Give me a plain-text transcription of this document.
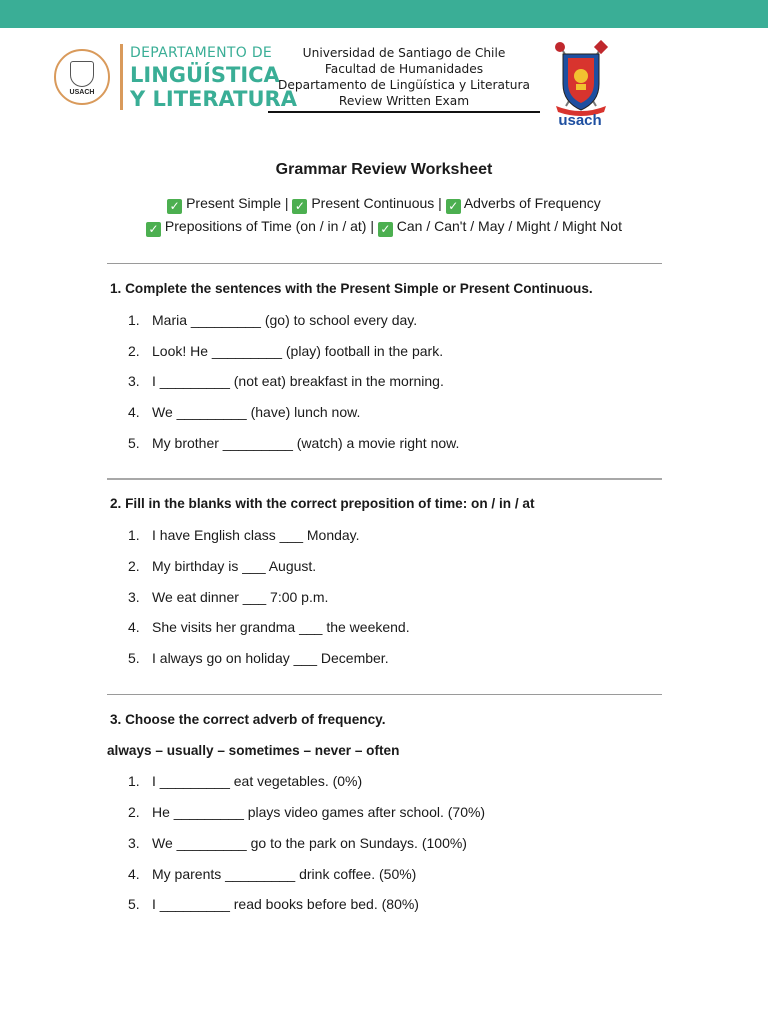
USACH
DEPARTAMENTO DE
LINGÜÍSTICA
Y LITERATURA
Universidad de Santiago de Chile
Facultad de Humanidades
Departamento de Lingüística y Literatura
Review Written Exam
usach
Grammar Review Worksheet
✓ Present Simple | ✓ Present Continuous | ✓ Adverbs of Frequency
✓ Prepositions of Time (on / in / at) | ✓ Can / Can't / May / Might / Might Not
1. Complete the sentences with the Present Simple or Present Continuous.
1. Maria _________ (go) to school every day.
2. Look! He _________ (play) football in the park.
3. I _________ (not eat) breakfast in the morning.
4. We _________ (have) lunch now.
5. My brother _________ (watch) a movie right now.
2. Fill in the blanks with the correct preposition of time: on / in / at
1. I have English class ___ Monday.
2. My birthday is ___ August.
3. We eat dinner ___ 7:00 p.m.
4. She visits her grandma ___ the weekend.
5. I always go on holiday ___ December.
3. Choose the correct adverb of frequency.
always – usually – sometimes – never – often
1. I _________ eat vegetables. (0%)
2. He _________ plays video games after school. (70%)
3. We _________ go to the park on Sundays. (100%)
4. My parents _________ drink coffee. (50%)
5. I _________ read books before bed. (80%)
